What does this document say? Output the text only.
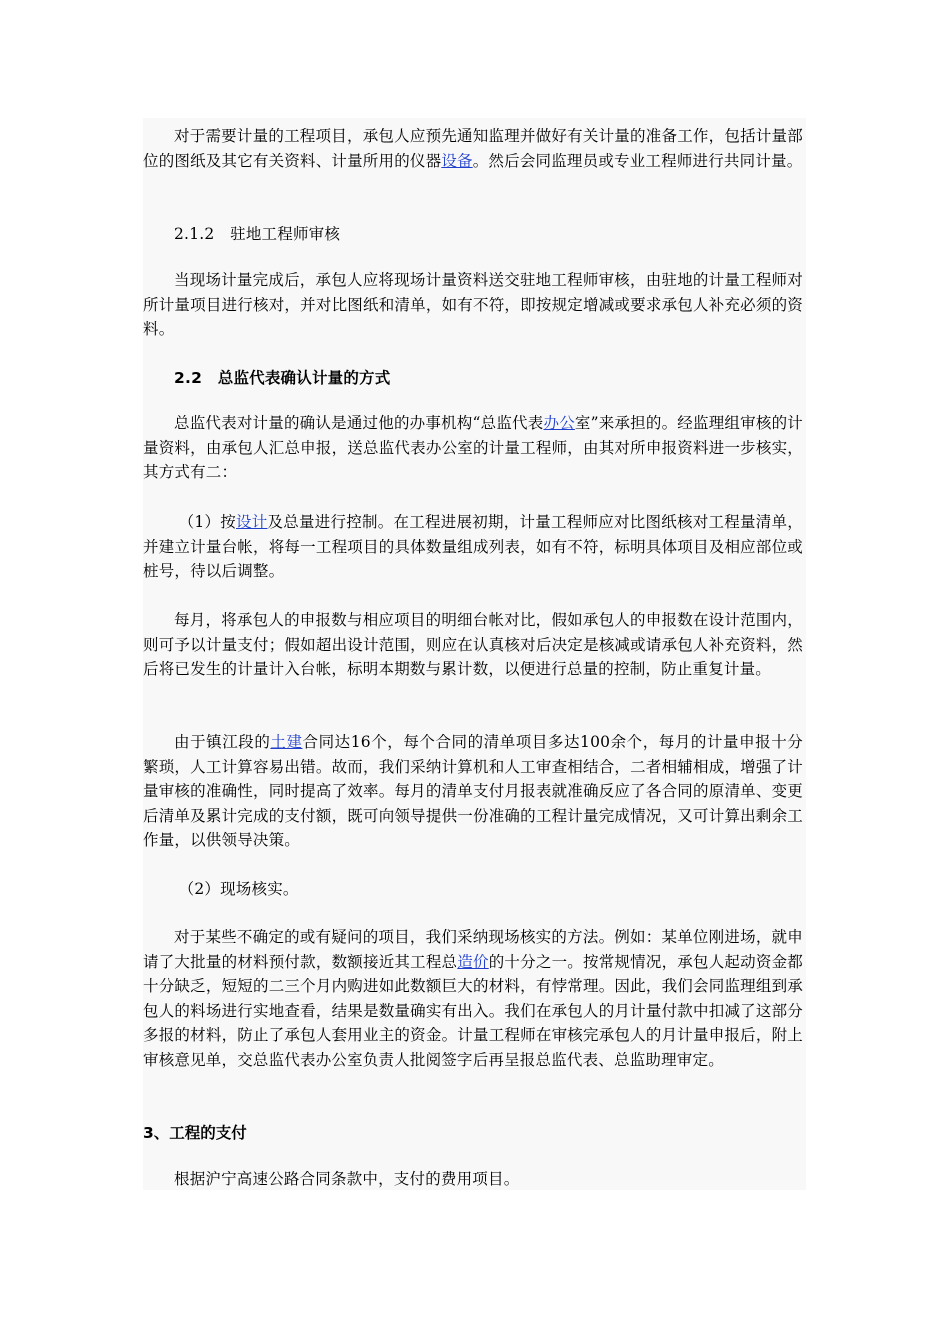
对于需要计量的工程项目，承包人应预先通知监理并做好有关计量的准备工作，包括计量部位的图纸及其它有关资料、计量所用的仪器设备。然后会同监理员或专业工程师进行共同计量。

2.1.2　驻地工程师审核

当现场计量完成后，承包人应将现场计量资料送交驻地工程师审核，由驻地的计量工程师对所计量项目进行核对，并对比图纸和清单，如有不符，即按规定增减或要求承包人补充必须的资料。

2.2　总监代表确认计量的方式

总监代表对计量的确认是通过他的办事机构“总监代表办公室”来承担的。经监理组审核的计量资料，由承包人汇总申报，送总监代表办公室的计量工程师，由其对所申报资料进一步核实，其方式有二：

（1）按设计及总量进行控制。在工程进展初期，计量工程师应对比图纸核对工程量清单，并建立计量台帐，将每一工程项目的具体数量组成列表，如有不符，标明具体项目及相应部位或桩号，待以后调整。

每月，将承包人的申报数与相应项目的明细台帐对比，假如承包人的申报数在设计范围内，则可予以计量支付；假如超出设计范围，则应在认真核对后决定是核减或请承包人补充资料，然后将已发生的计量计入台帐，标明本期数与累计数，以便进行总量的控制，防止重复计量。

由于镇江段的土建合同达16个，每个合同的清单项目多达100余个，每月的计量申报十分繁琐，人工计算容易出错。故而，我们采纳计算机和人工审查相结合，二者相辅相成，增强了计量审核的准确性，同时提高了效率。每月的清单支付月报表就准确反应了各合同的原清单、变更后清单及累计完成的支付额，既可向领导提供一份准确的工程计量完成情况，又可计算出剩余工作量，以供领导决策。

（2）现场核实。

对于某些不确定的或有疑问的项目，我们采纳现场核实的方法。例如：某单位刚进场，就申请了大批量的材料预付款，数额接近其工程总造价的十分之一。按常规情况，承包人起动资金都十分缺乏，短短的二三个月内购进如此数额巨大的材料，有悖常理。因此，我们会同监理组到承包人的料场进行实地查看，结果是数量确实有出入。我们在承包人的月计量付款中扣减了这部分多报的材料，防止了承包人套用业主的资金。计量工程师在审核完承包人的月计量申报后，附上审核意见单，交总监代表办公室负责人批阅签字后再呈报总监代表、总监助理审定。

3、工程的支付

根据沪宁高速公路合同条款中，支付的费用项目。
